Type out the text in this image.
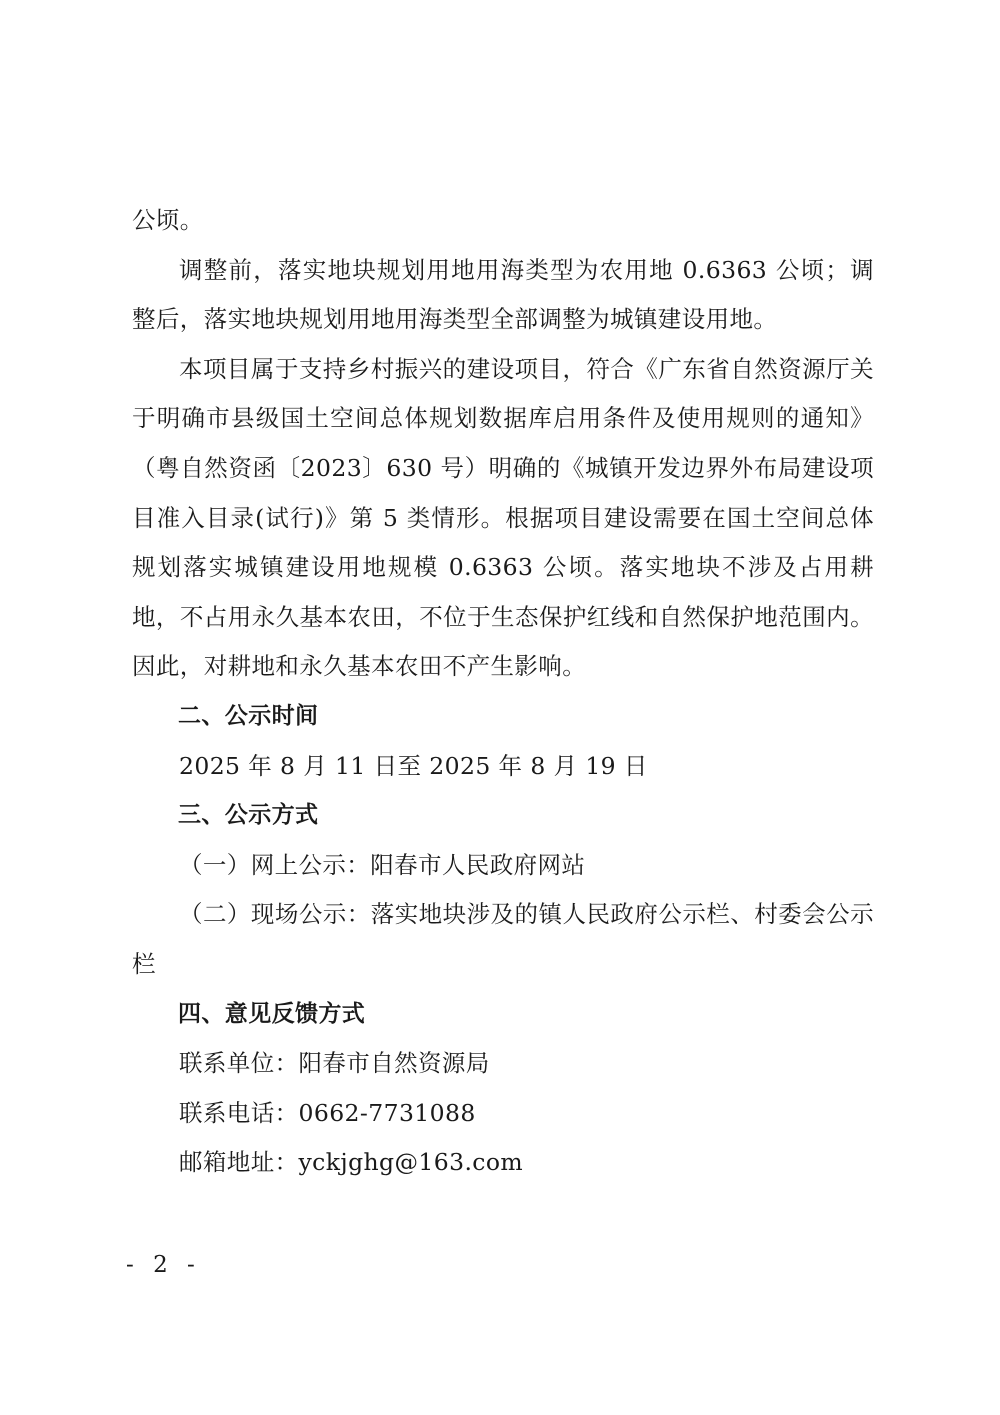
公顷。

调整前，落实地块规划用地用海类型为农用地 0.6363 公顷；调整后，落实地块规划用地用海类型全部调整为城镇建设用地。

本项目属于支持乡村振兴的建设项目，符合《广东省自然资源厅关于明确市县级国土空间总体规划数据库启用条件及使用规则的通知》（粤自然资函〔2023〕630 号）明确的《城镇开发边界外布局建设项目准入目录(试行)》第 5 类情形。根据项目建设需要在国土空间总体规划落实城镇建设用地规模 0.6363 公顷。落实地块不涉及占用耕地，不占用永久基本农田，不位于生态保护红线和自然保护地范围内。因此，对耕地和永久基本农田不产生影响。

二、公示时间

2025 年 8 月 11 日至 2025 年 8 月 19 日

三、公示方式

（一）网上公示：阳春市人民政府网站

（二）现场公示：落实地块涉及的镇人民政府公示栏、村委会公示栏

四、意见反馈方式

联系单位：阳春市自然资源局

联系电话：0662-7731088

邮箱地址：yckjghg@163.com

- 2 -
